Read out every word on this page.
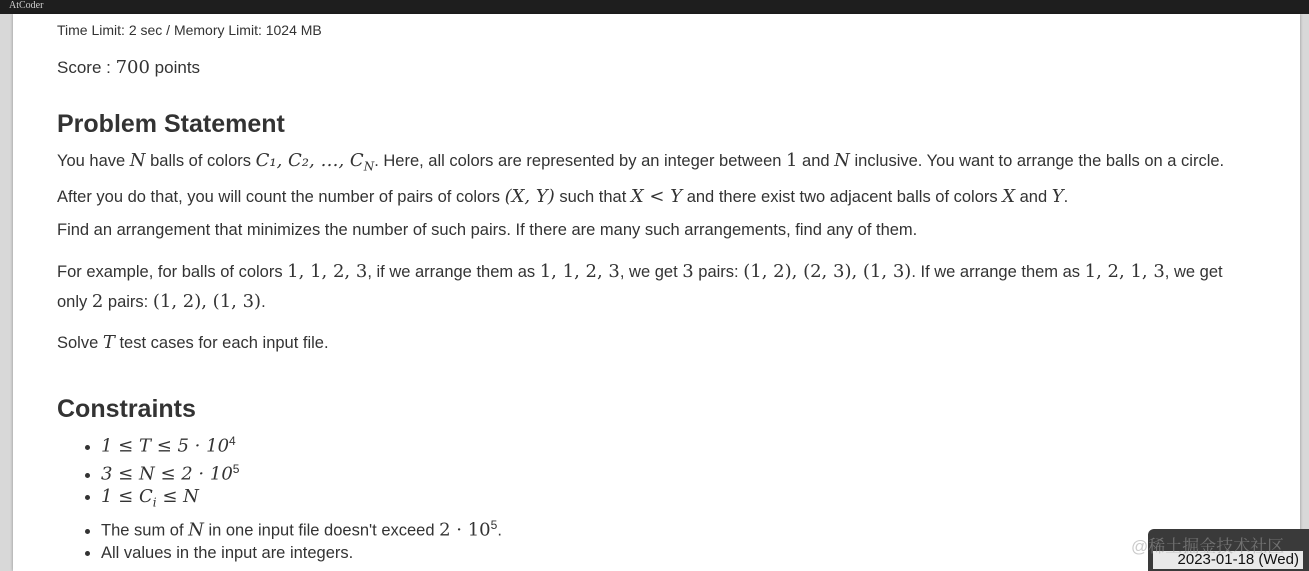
AtCoder
Time Limit: 2 sec / Memory Limit: 1024 MB
Score : 700 points
Problem Statement

You have N balls of colors C₁, C₂, …, $C_N$. Here, all colors are represented by an integer between 1 and N inclusive. You want to arrange the balls on a circle. After you do that, you will count the number of pairs of colors (X, Y) such that X < Y and there exist two adjacent balls of colors X and Y.

Find an arrangement that minimizes the number of such pairs. If there are many such arrangements, find any of them.

For example, for balls of colors 1, 1, 2, 3, if we arrange them as 1, 1, 2, 3, we get 3 pairs: (1, 2), (2, 3), (1, 3). If we arrange them as 1, 2, 1, 3, we get only 2 pairs: (1, 2), (1, 3).

Solve T test cases for each input file.

Constraints
• $1 \le T \le 5 \cdot 10^4$
• $3 \le N \le 2 \cdot 10^5$
• $1 \le C_i \le N$
• The sum of N in one input file doesn't exceed $2 \cdot 10^5$.
• All values in the input are integers.	2023-01-18 (Wed)
@稀土掘金技术社区
